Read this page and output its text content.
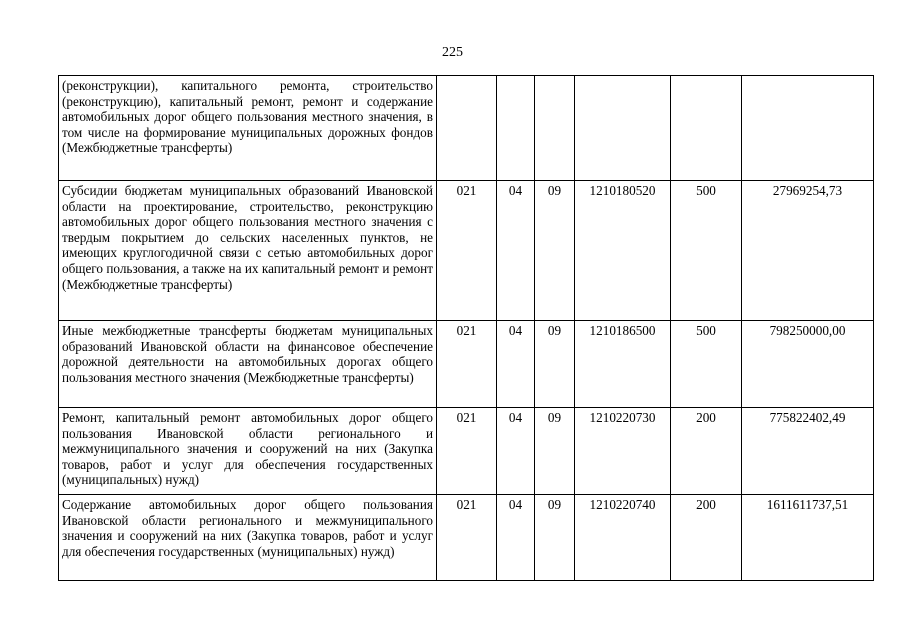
225
(реконструкции), капитального ремонта, строительство (реконструкцию), капитальный ремонт, ремонт и содержание автомобильных дорог общего пользования местного значения, в том числе на формирование муниципальных дорожных фондов (Межбюджетные трансферты)						
Субсидии бюджетам муниципальных образований Ивановской области на проектирование, строительство, реконструкцию автомобильных дорог общего пользования местного значения с твердым покрытием до сельских населенных пунктов, не имеющих круглогодичной связи с сетью автомобильных дорог общего пользования, а также на их капитальный ремонт и ремонт (Межбюджетные трансферты)	021	04	09	1210180520	500	27969254,73
Иные межбюджетные трансферты бюджетам муниципальных образований Ивановской области на финансовое обеспечение дорожной деятельности на автомобильных дорогах общего пользования местного значения (Межбюджетные трансферты)	021	04	09	1210186500	500	798250000,00
Ремонт, капитальный ремонт автомобильных дорог общего пользования Ивановской области регионального и межмуниципального значения и сооружений на них (Закупка товаров, работ и услуг для обеспечения государственных (муниципальных) нужд)	021	04	09	1210220730	200	775822402,49
Содержание автомобильных дорог общего пользования Ивановской области регионального и межмуниципального значения и сооружений на них (Закупка товаров, работ и услуг для обеспечения государственных (муниципальных) нужд)	021	04	09	1210220740	200	1611611737,51
